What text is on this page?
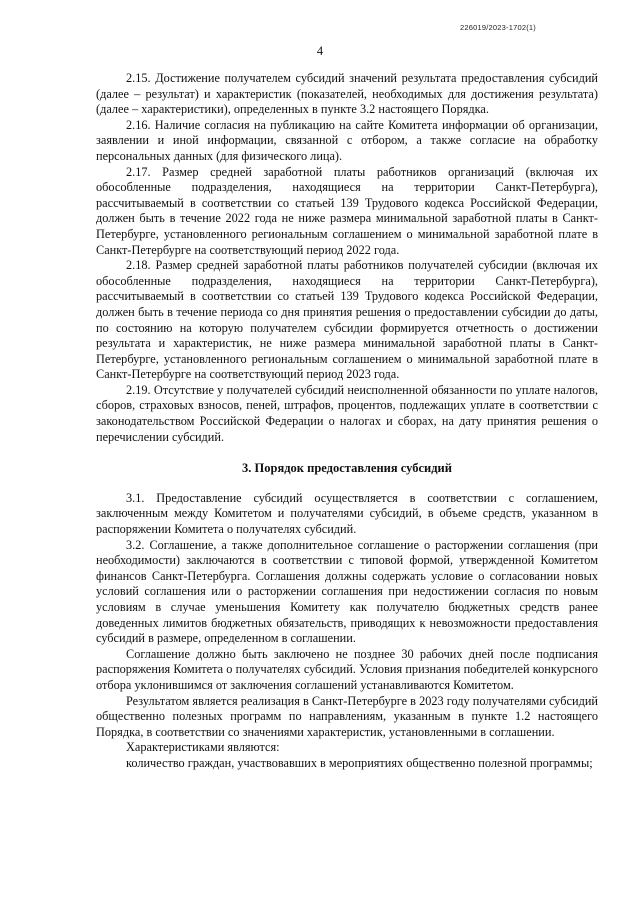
226019/2023-1702(1)
4

2.15. Достижение получателем субсидий значений результата предоставления субсидий (далее – результат) и характеристик (показателей, необходимых для достижения результата) (далее – характеристики), определенных в пункте 3.2 настоящего Порядка.

2.16. Наличие согласия на публикацию на сайте Комитета информации об организации, заявлении и иной информации, связанной с отбором, а также согласие на обработку персональных данных (для физического лица).

2.17. Размер средней заработной платы работников организаций (включая их обособленные подразделения, находящиеся на территории Санкт-Петербурга), рассчитываемый в соответствии со статьей 139 Трудового кодекса Российской Федерации, должен быть в течение 2022 года не ниже размера минимальной заработной платы в Санкт-Петербурге, установленного региональным соглашением о минимальной заработной плате в Санкт-Петербурге на соответствующий период 2022 года.

2.18. Размер средней заработной платы работников получателей субсидии (включая их обособленные подразделения, находящиеся на территории Санкт-Петербурга), рассчитываемый в соответствии со статьей 139 Трудового кодекса Российской Федерации, должен быть в течение периода со дня принятия решения о предоставлении субсидии до даты, по состоянию на которую получателем субсидии формируется отчетность о достижении результата и характеристик, не ниже размера минимальной заработной платы в Санкт-Петербурге, установленного региональным соглашением о минимальной заработной плате в Санкт-Петербурге на соответствующий период 2023 года.

2.19. Отсутствие у получателей субсидий неисполненной обязанности по уплате налогов, сборов, страховых взносов, пеней, штрафов, процентов, подлежащих уплате в соответствии с законодательством Российской Федерации о налогах и сборах, на дату принятия решения о перечислении субсидий.

3. Порядок предоставления субсидий

3.1. Предоставление субсидий осуществляется в соответствии с соглашением, заключенным между Комитетом и получателями субсидий, в объеме средств, указанном в распоряжении Комитета о получателях субсидий.

3.2. Соглашение, а также дополнительное соглашение о расторжении соглашения (при необходимости) заключаются в соответствии с типовой формой, утвержденной Комитетом финансов Санкт-Петербурга. Соглашения должны содержать условие о согласовании новых условий соглашения или о расторжении соглашения при недостижении согласия по новым условиям в случае уменьшения Комитету как получателю бюджетных средств ранее доведенных лимитов бюджетных обязательств, приводящих к невозможности предоставления субсидий в размере, определенном в соглашении.

Соглашение должно быть заключено не позднее 30 рабочих дней после подписания распоряжения Комитета о получателях субсидий. Условия признания победителей конкурсного отбора уклонившимся от заключения соглашений устанавливаются Комитетом.

Результатом является реализация в Санкт-Петербурге в 2023 году получателями субсидий общественно полезных программ по направлениям, указанным в пункте 1.2 настоящего Порядка, в соответствии со значениями характеристик, установленными в соглашении.

Характеристиками являются:

количество граждан, участвовавших в мероприятиях общественно полезной программы;
